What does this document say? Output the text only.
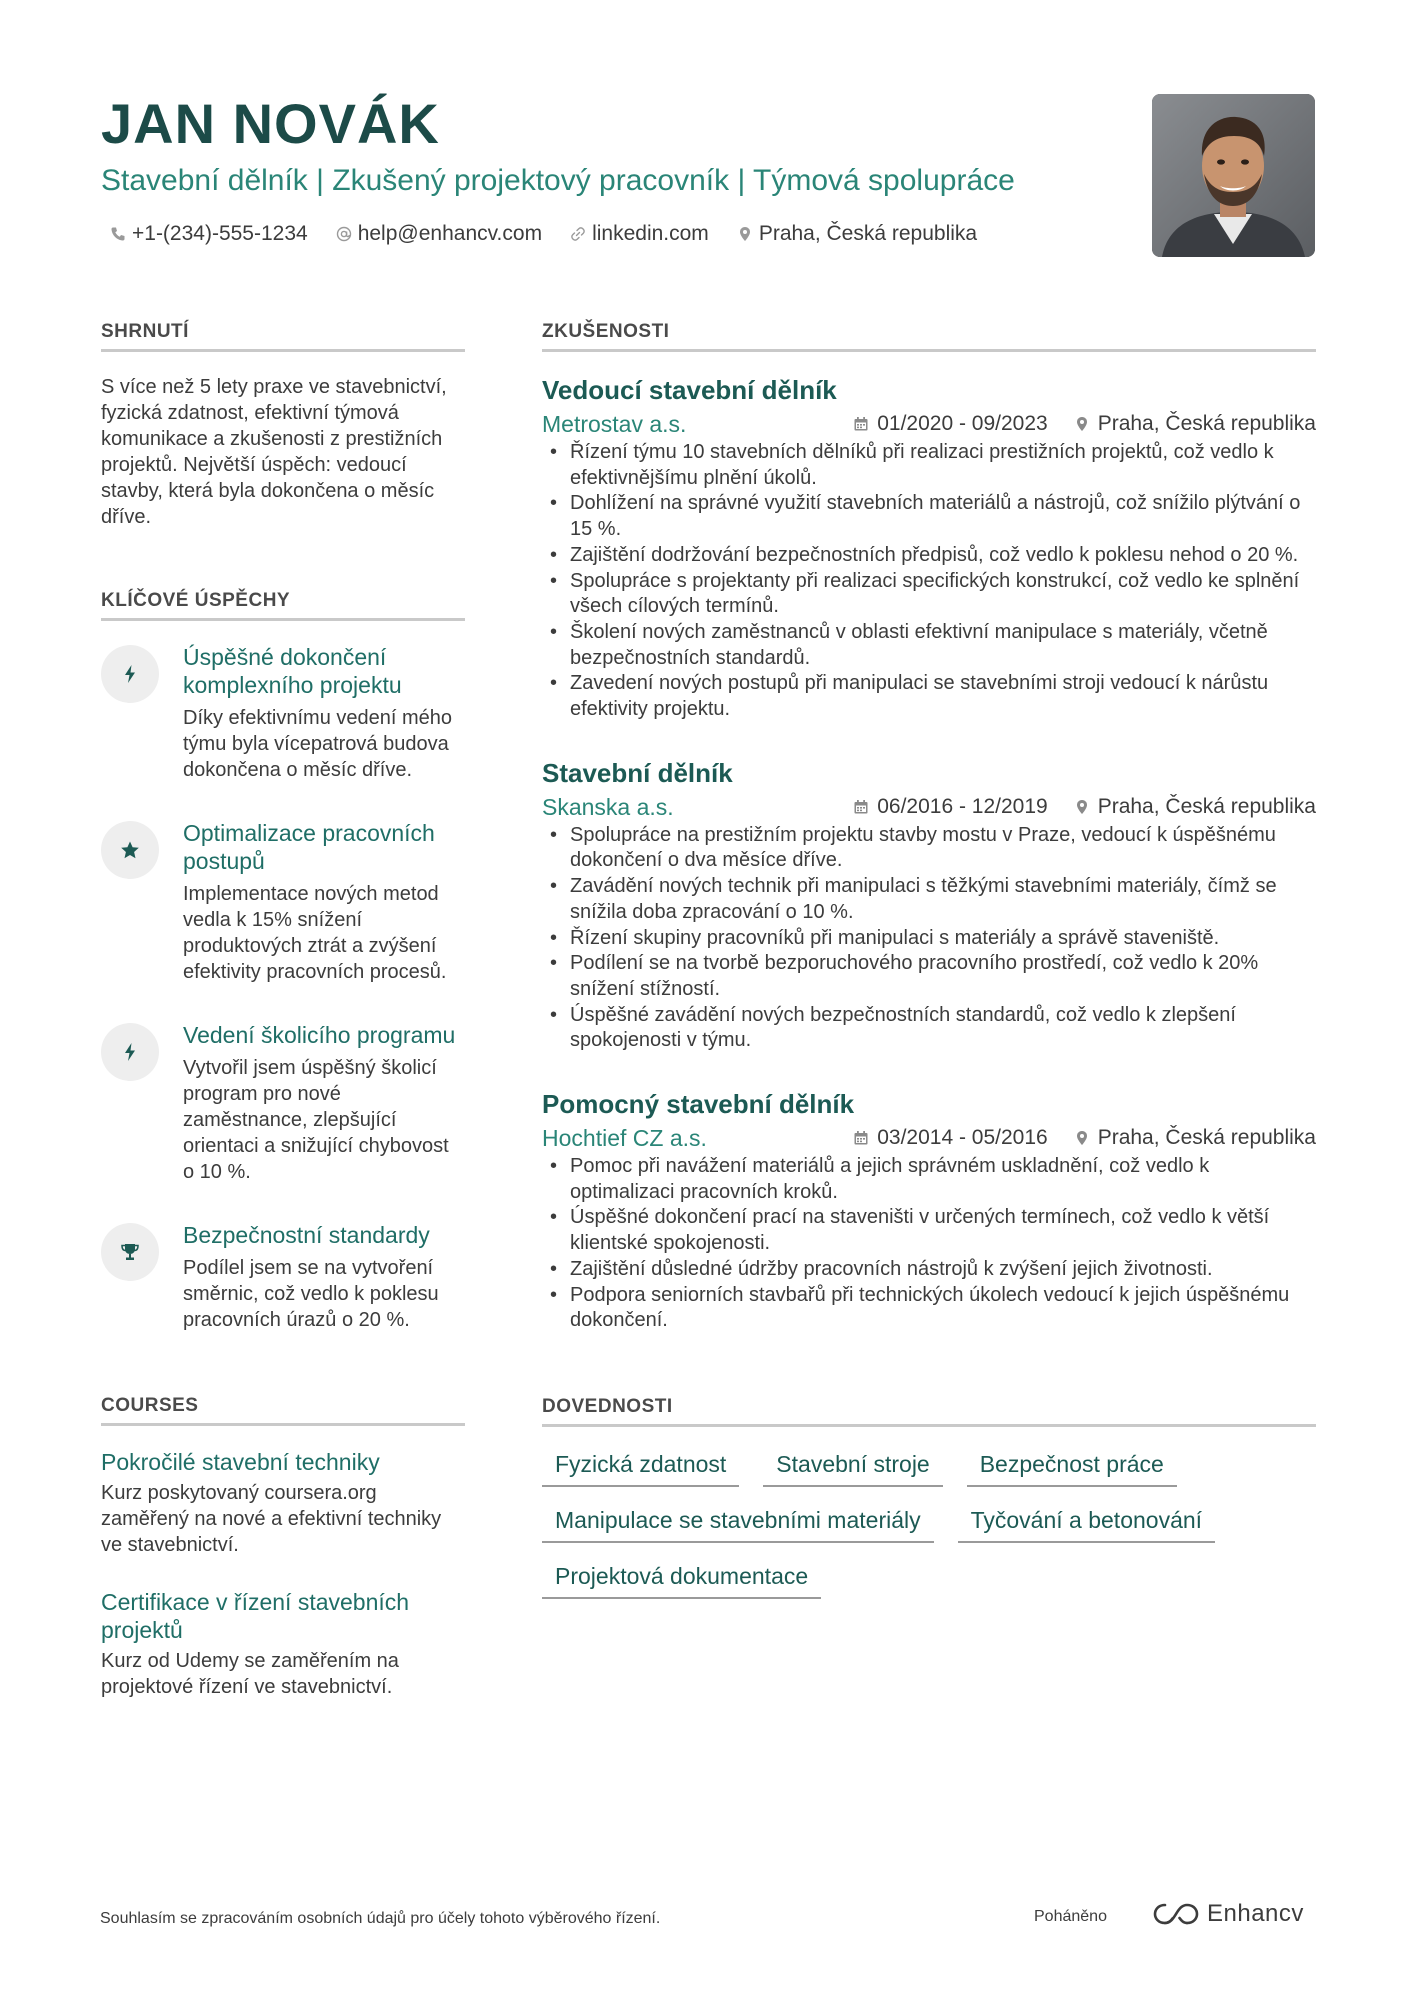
JAN NOVÁK
Stavební dělník | Zkušený projektový pracovník | Týmová spolupráce
+1-(234)-555-1234 help@enhancv.com linkedin.com Praha, Česká republika
SHRNUTÍ

S více než 5 lety praxe ve stavebnictví, fyzická zdatnost, efektivní týmová komunikace a zkušenosti z prestižních projektů. Největší úspěch: vedoucí stavby, která byla dokončena o měsíc dříve.

KLÍČOVÉ ÚSPĚCHY
Úspěšné dokončení komplexního projektu
Díky efektivnímu vedení mého týmu byla vícepatrová budova dokončena o měsíc dříve.
Optimalizace pracovních postupů
Implementace nových metod vedla k 15% snížení produktových ztrát a zvýšení efektivity pracovních procesů.
Vedení školicího programu
Vytvořil jsem úspěšný školicí program pro nové zaměstnance, zlepšující orientaci a snižující chybovost o 10 %.
Bezpečnostní standardy
Podílel jsem se na vytvoření směrnic, což vedlo k poklesu pracovních úrazů o 20 %.
COURSES
Pokročilé stavební techniky
Kurz poskytovaný coursera.org zaměřený na nové a efektivní techniky ve stavebnictví.
Certifikace v řízení stavebních projektů
Kurz od Udemy se zaměřením na projektové řízení ve stavebnictví.
ZKUŠENOSTI
Vedoucí stavební dělník
Metrostav a.s.	01/2020 - 09/2023 Praha, Česká republika
• Řízení týmu 10 stavebních dělníků při realizaci prestižních projektů, což vedlo k efektivnějšímu plnění úkolů.
• Dohlížení na správné využití stavebních materiálů a nástrojů, což snížilo plýtvání o 15 %.
• Zajištění dodržování bezpečnostních předpisů, což vedlo k poklesu nehod o 20 %.
• Spolupráce s projektanty při realizaci specifických konstrukcí, což vedlo ke splnění všech cílových termínů.
• Školení nových zaměstnanců v oblasti efektivní manipulace s materiály, včetně bezpečnostních standardů.
• Zavedení nových postupů při manipulaci se stavebními stroji vedoucí k nárůstu efektivity projektu.
Stavební dělník
Skanska a.s.	06/2016 - 12/2019 Praha, Česká republika
• Spolupráce na prestižním projektu stavby mostu v Praze, vedoucí k úspěšnému dokončení o dva měsíce dříve.
• Zavádění nových technik při manipulaci s těžkými stavebními materiály, čímž se snížila doba zpracování o 10 %.
• Řízení skupiny pracovníků při manipulaci s materiály a správě staveniště.
• Podílení se na tvorbě bezporuchového pracovního prostředí, což vedlo k 20% snížení stížností.
• Úspěšné zavádění nových bezpečnostních standardů, což vedlo k zlepšení spokojenosti v týmu.
Pomocný stavební dělník
Hochtief CZ a.s.	03/2014 - 05/2016 Praha, Česká republika
• Pomoc při navážení materiálů a jejich správném uskladnění, což vedlo k optimalizaci pracovních kroků.
• Úspěšné dokončení prací na staveništi v určených termínech, což vedlo k větší klientské spokojenosti.
• Zajištění důsledné údržby pracovních nástrojů k zvýšení jejich životnosti.
• Podpora seniorních stavbařů při technických úkolech vedoucí k jejich úspěšnému dokončení.
DOVEDNOSTI
Fyzická zdatnost	Stavební stroje	Bezpečnost práce
Manipulace se stavebními materiály	Tyčování a betonování
Projektová dokumentace
Souhlasím se zpracováním osobních údajů pro účely tohoto výběrového řízení.	Poháněno	Enhancv
